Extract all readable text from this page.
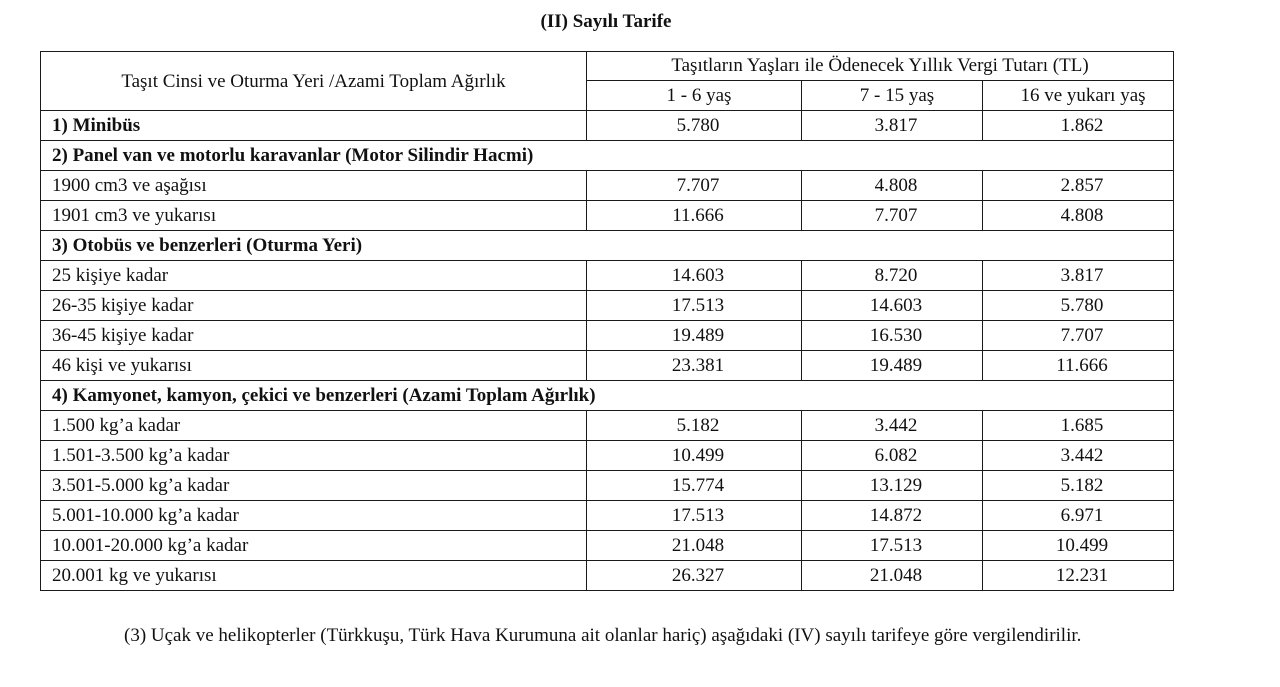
(II) Sayılı Tarife
Taşıt Cinsi ve Oturma Yeri /Azami Toplam Ağırlık	Taşıtların Yaşları ile Ödenecek Yıllık Vergi Tutarı (TL)		
	1 - 6 yaş	7 - 15 yaş	16 ve yukarı yaş
1) Minibüs	5.780	3.817	1.862
2) Panel van ve motorlu karavanlar (Motor Silindir Hacmi)			
1900 cm3 ve aşağısı	7.707	4.808	2.857
1901 cm3 ve yukarısı	11.666	7.707	4.808
3) Otobüs ve benzerleri (Oturma Yeri)			
25 kişiye kadar	14.603	8.720	3.817
26-35 kişiye kadar	17.513	14.603	5.780
36-45 kişiye kadar	19.489	16.530	7.707
46 kişi ve yukarısı	23.381	19.489	11.666
4) Kamyonet, kamyon, çekici ve benzerleri (Azami Toplam Ağırlık)			
1.500 kg’a kadar	5.182	3.442	1.685
1.501-3.500 kg’a kadar	10.499	6.082	3.442
3.501-5.000 kg’a kadar	15.774	13.129	5.182
5.001-10.000 kg’a kadar	17.513	14.872	6.971
10.001-20.000 kg’a kadar	21.048	17.513	10.499
20.001 kg ve yukarısı	26.327	21.048	12.231
(3) Uçak ve helikopterler (Türkkuşu, Türk Hava Kurumuna ait olanlar hariç) aşağıdaki (IV) sayılı tarifeye göre vergilendirilir.
